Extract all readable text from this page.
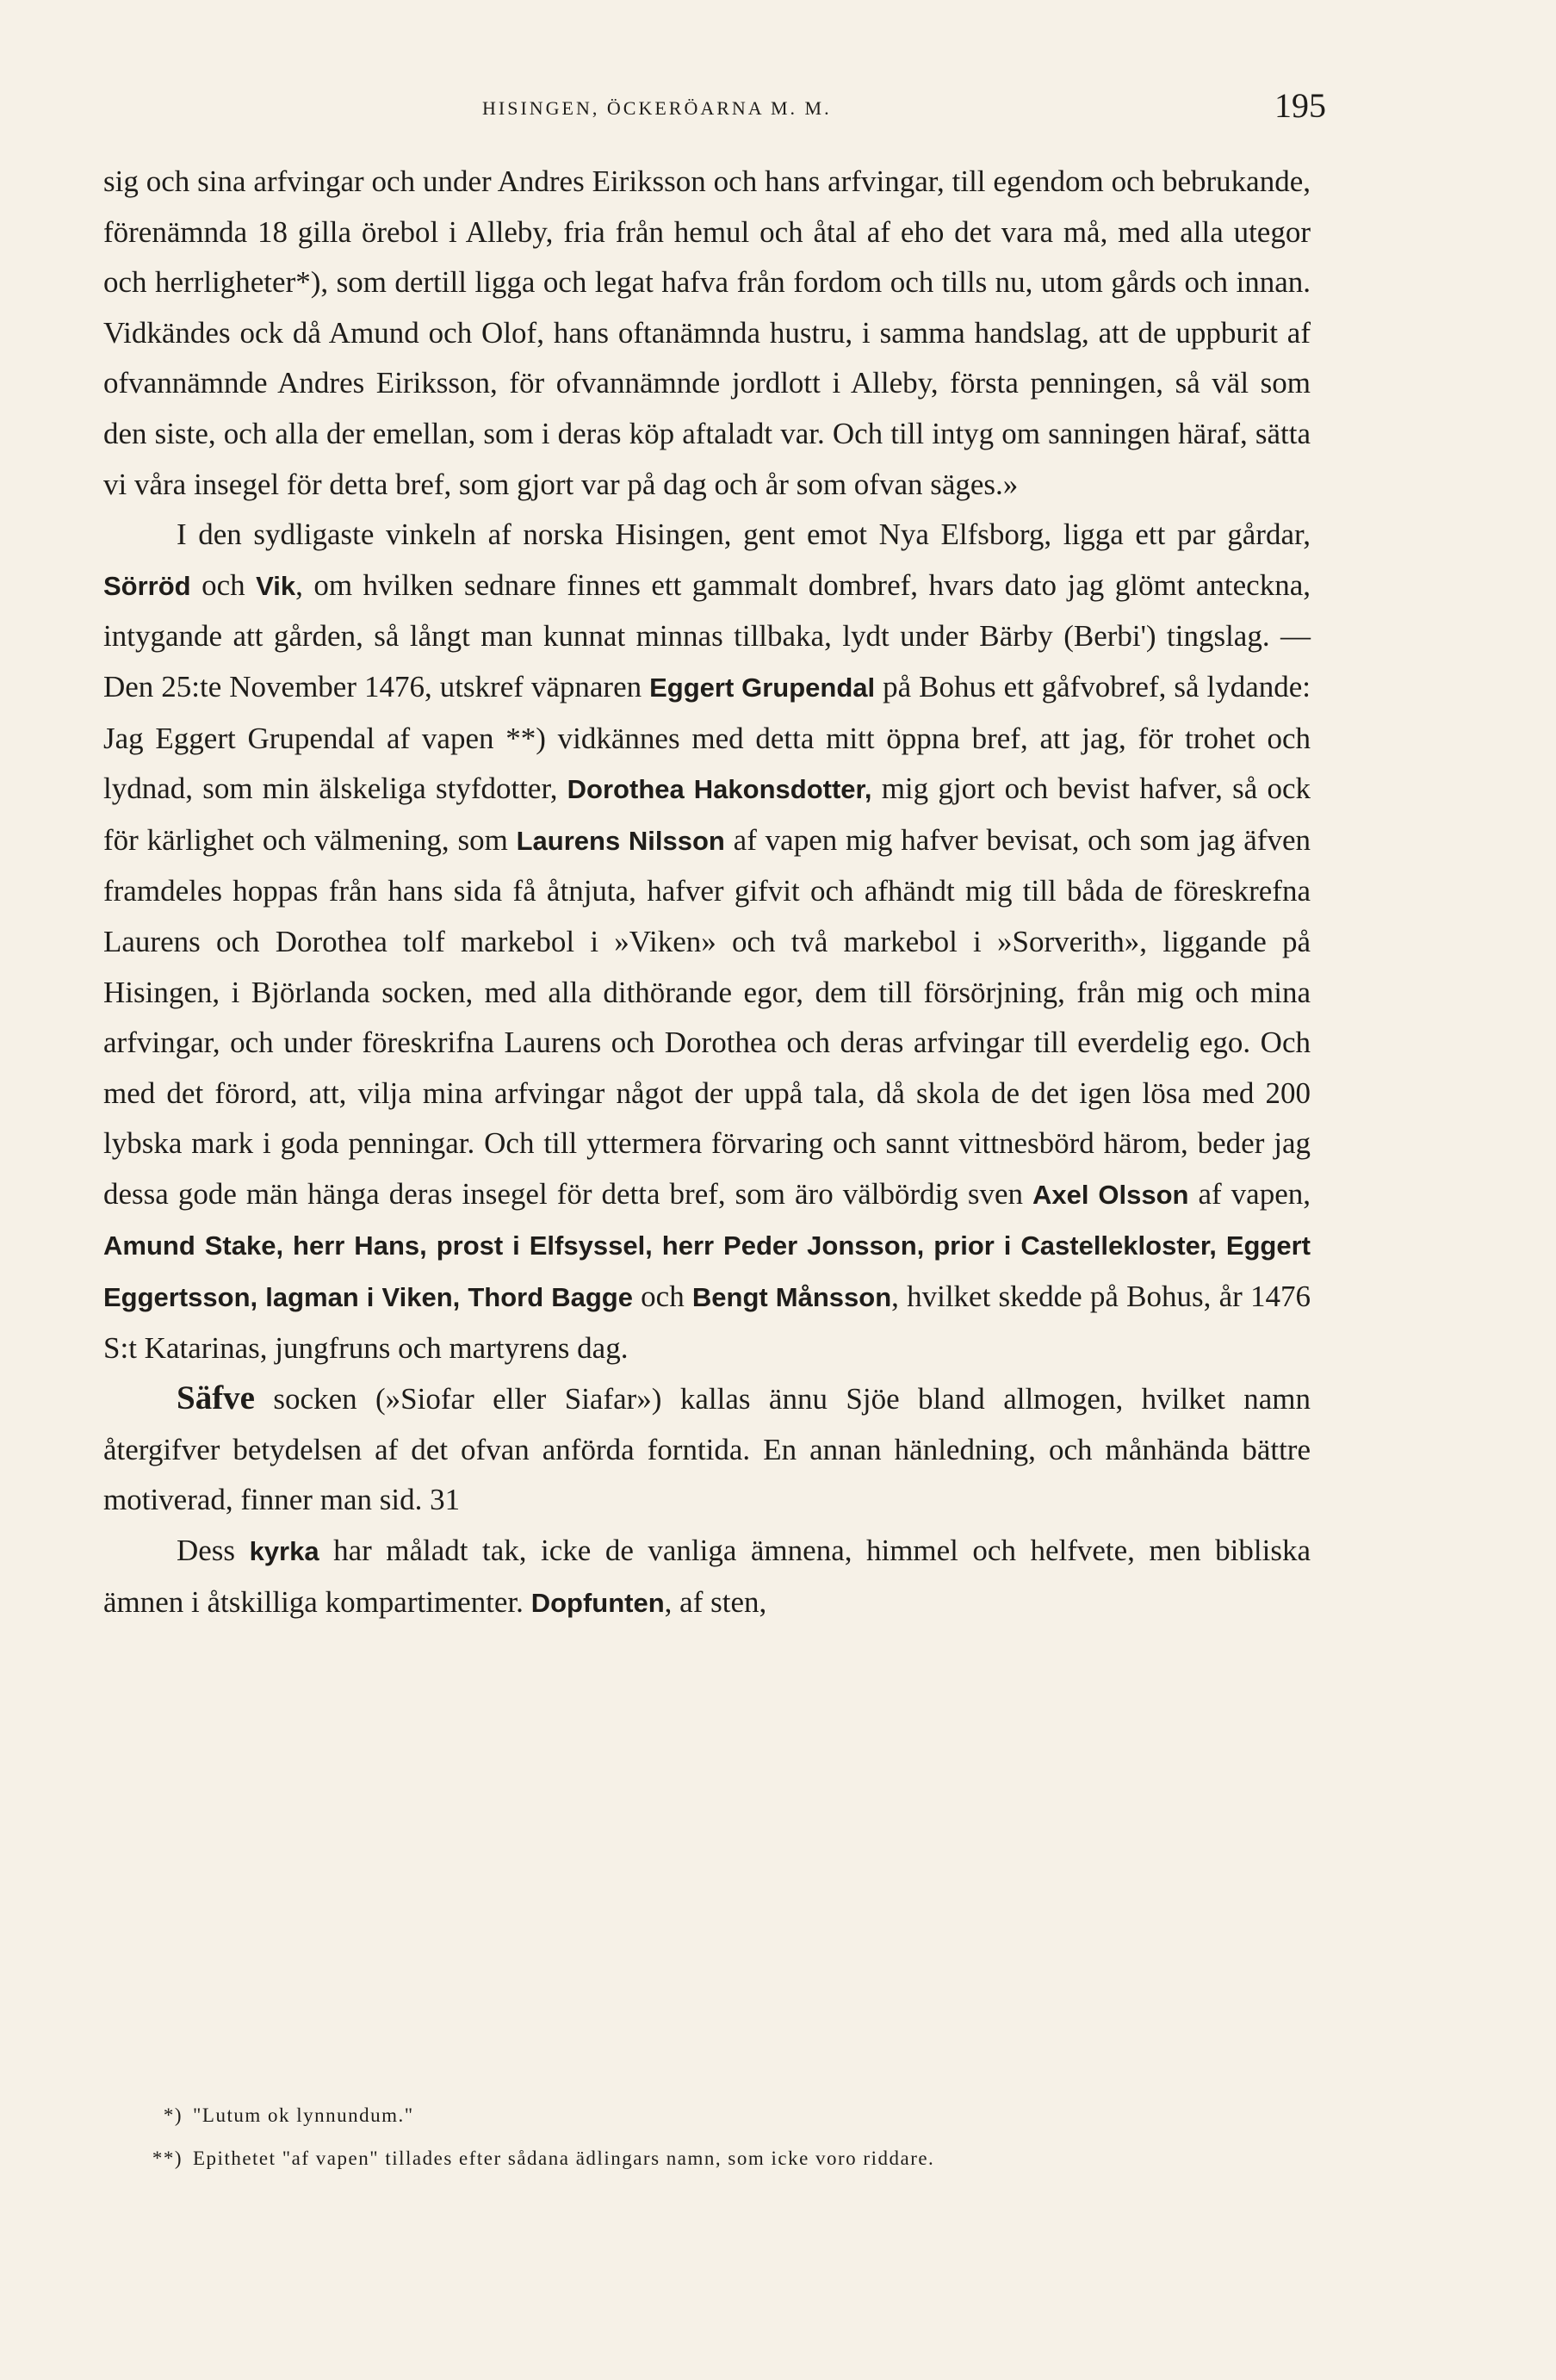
HISINGEN, ÖCKERÖARNA M. M.	195

sig och sina arfvingar och under Andres Eiriksson och hans arfvingar, till egendom och bebrukande, förenämnda 18 gilla örebol i Alleby, fria från hemul och åtal af eho det vara må, med alla utegor och herrligheter*), som dertill ligga och legat hafva från fordom och tills nu, utom gårds och innan. Vidkändes ock då Amund och Olof, hans oftanämnda hustru, i samma handslag, att de uppburit af ofvannämnde Andres Eiriksson, för ofvannämnde jordlott i Alleby, första penningen, så väl som den siste, och alla der emellan, som i deras köp aftaladt var. Och till intyg om sanningen häraf, sätta vi våra insegel för detta bref, som gjort var på dag och år som ofvan säges.»

I den sydligaste vinkeln af norska Hisingen, gent emot Nya Elfsborg, ligga ett par gårdar, Sörröd och Vik, om hvilken sednare finnes ett gammalt dombref, hvars dato jag glömt anteckna, intygande att gården, så långt man kunnat minnas tillbaka, lydt under Bärby (Berbi') tingslag. — Den 25:te November 1476, utskref väpnaren Eggert Grupendal på Bohus ett gåfvobref, så lydande: Jag Eggert Grupendal af vapen **) vidkännes med detta mitt öppna bref, att jag, för trohet och lydnad, som min älskeliga styfdotter, Dorothea Hakonsdotter, mig gjort och bevist hafver, så ock för kärlighet och välmening, som Laurens Nilsson af vapen mig hafver bevisat, och som jag äfven framdeles hoppas från hans sida få åtnjuta, hafver gifvit och afhändt mig till båda de föreskrefna Laurens och Dorothea tolf markebol i »Viken» och två markebol i »Sorverith», liggande på Hisingen, i Björlanda socken, med alla dithörande egor, dem till försörjning, från mig och mina arfvingar, och under föreskrifna Laurens och Dorothea och deras arfvingar till everdelig ego. Och med det förord, att, vilja mina arfvingar något der uppå tala, då skola de det igen lösa med 200 lybska mark i goda penningar. Och till yttermera förvaring och sannt vittnesbörd härom, beder jag dessa gode män hänga deras insegel för detta bref, som äro välbördig sven Axel Olsson af vapen, Amund Stake, herr Hans, prost i Elfsyssel, herr Peder Jonsson, prior i Castellekloster, Eggert Eggertsson, lagman i Viken, Thord Bagge och Bengt Månsson, hvilket skedde på Bohus, år 1476 S:t Katarinas, jungfruns och martyrens dag.

Säfve socken (»Siofar eller Siafar») kallas ännu Sjöe bland allmogen, hvilket namn återgifver betydelsen af det ofvan anförda forntida. En annan hänledning, och månhända bättre motiverad, finner man sid. 31

Dess kyrka har måladt tak, icke de vanliga ämnena, himmel och helfvete, men bibliska ämnen i åtskilliga kompartimenter. Dopfunten, af sten,

*) "Lutum ok lynnundum."

**) Epithetet "af vapen" tillades efter sådana ädlingars namn, som icke voro riddare.
